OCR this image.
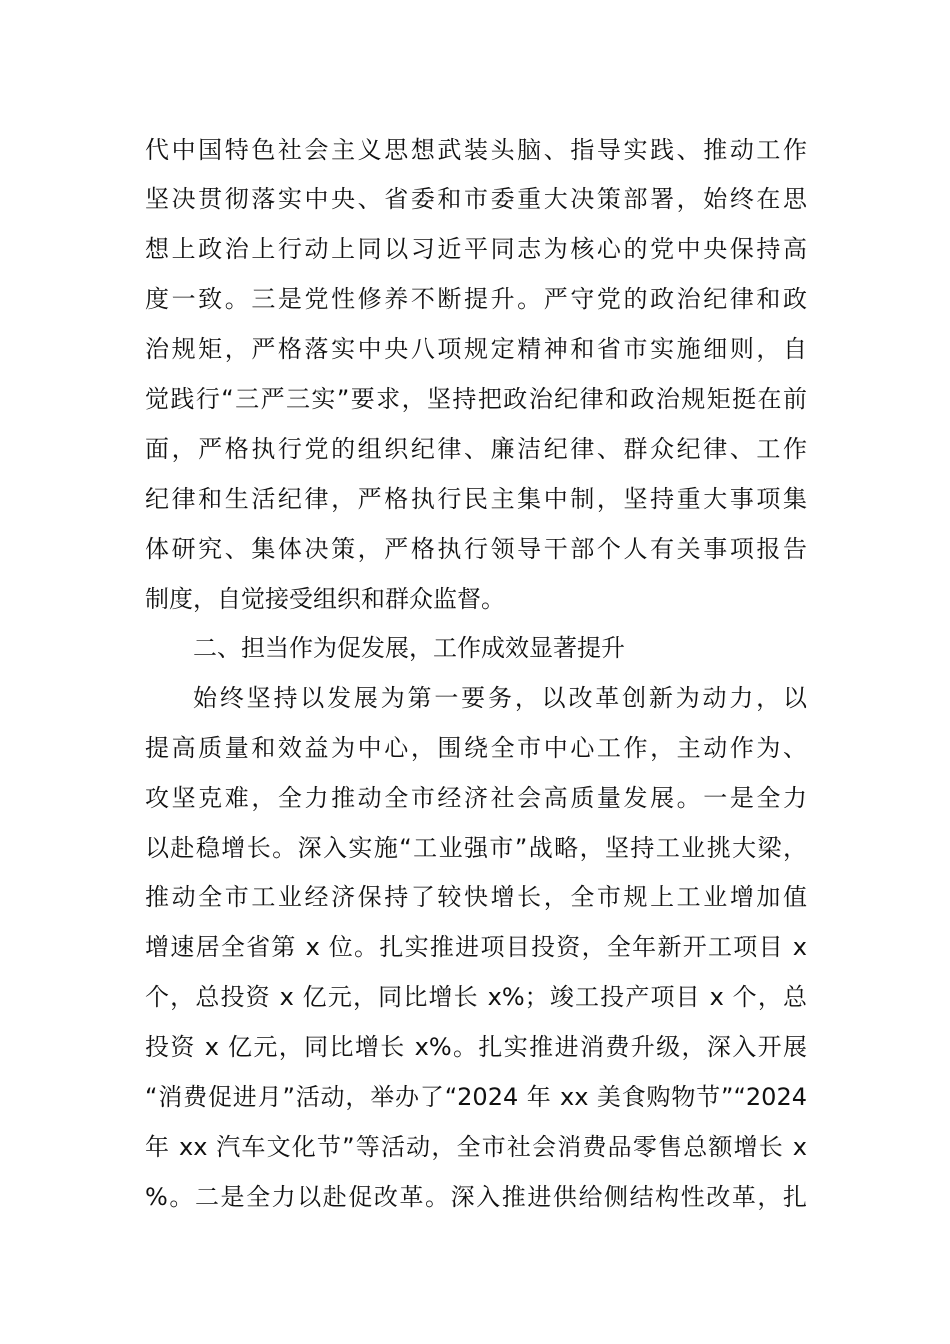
代中国特色社会主义思想武装头脑、指导实践、推动工作
坚决贯彻落实中央、省委和市委重大决策部署，始终在思
想上政治上行动上同以习近平同志为核心的党中央保持高
度一致。三是党性修养不断提升。严守党的政治纪律和政
治规矩，严格落实中央八项规定精神和省市实施细则，自
觉践行“三严三实”要求，坚持把政治纪律和政治规矩挺在前
面，严格执行党的组织纪律、廉洁纪律、群众纪律、工作
纪律和生活纪律，严格执行民主集中制，坚持重大事项集
体研究、集体决策，严格执行领导干部个人有关事项报告
制度，自觉接受组织和群众监督。
二、担当作为促发展，工作成效显著提升
始终坚持以发展为第一要务，以改革创新为动力，以
提高质量和效益为中心，围绕全市中心工作，主动作为、
攻坚克难，全力推动全市经济社会高质量发展。一是全力
以赴稳增长。深入实施“工业强市”战略，坚持工业挑大梁，
推动全市工业经济保持了较快增长，全市规上工业增加值
增速居全省第 x 位。扎实推进项目投资，全年新开工项目 x
个，总投资 x 亿元，同比增长 x%；竣工投产项目 x 个，总
投资 x 亿元，同比增长 x%。扎实推进消费升级，深入开展
“消费促进月”活动，举办了“2024 年 xx 美食购物节”“2024
年 xx 汽车文化节”等活动，全市社会消费品零售总额增长 x
%。二是全力以赴促改革。深入推进供给侧结构性改革，扎
